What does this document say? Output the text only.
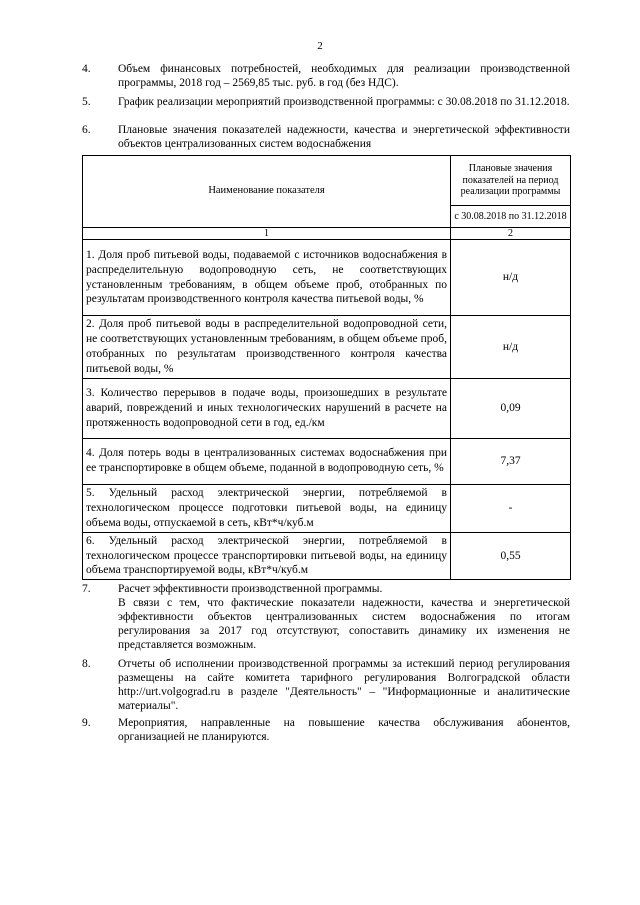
2
4. Объем финансовых потребностей, необходимых для реализации производственной программы, 2018 год – 2569,85 тыс. руб. в год (без НДС).
5. График реализации мероприятий производственной программы: с 30.08.2018 по 31.12.2018.
6. Плановые значения показателей надежности, качества и энергетической эффективности объектов централизованных систем водоснабжения
Наименование показателя	Плановые значения показателей на период реализации программы
	с 30.08.2018 по 31.12.2018
1	2
1. Доля проб питьевой воды, подаваемой с источников водоснабжения в распределительную водопроводную сеть, не соответствующих установленным требованиям, в общем объеме проб, отобранных по результатам производственного контроля качества питьевой воды, %	н/д
2. Доля проб питьевой воды в распределительной водопроводной сети, не соответствующих установленным требованиям, в общем объеме проб, отобранных по результатам производственного контроля качества питьевой воды, %	н/д
3. Количество перерывов в подаче воды, произошедших в результате аварий, повреждений и иных технологических нарушений в расчете на протяженность водопроводной сети в год, ед./км	0,09
4. Доля потерь воды в централизованных системах водоснабжения при ее транспортировке в общем объеме, поданной в водопроводную сеть, %	7,37
5. Удельный расход электрической энергии, потребляемой в технологическом процессе подготовки питьевой воды, на единицу объема воды, отпускаемой в сеть, кВт*ч/куб.м	-
6. Удельный расход электрической энергии, потребляемой в технологическом процессе транспортировки питьевой воды, на единицу объема транспортируемой воды, кВт*ч/куб.м	0,55
7. Расчет эффективности производственной программы.
В связи с тем, что фактические показатели надежности, качества и энергетической эффективности объектов централизованных систем водоснабжения по итогам регулирования за 2017 год отсутствуют, сопоставить динамику их изменения не представляется возможным.
8. Отчеты об исполнении производственной программы за истекший период регулирования размещены на сайте комитета тарифного регулирования Волгоградской области http://urt.volgograd.ru в разделе "Деятельность" – "Информационные и аналитические материалы".
9. Мероприятия, направленные на повышение качества обслуживания абонентов, организацией не планируются.
